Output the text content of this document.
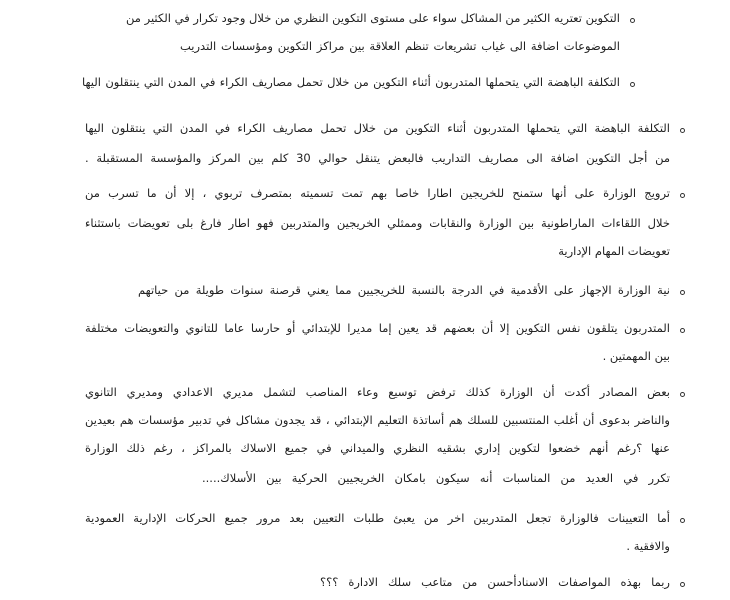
التكوين تعتريه الكثير من المشاكل سواء على مستوى التكوين النظري من خلال وجود تكرار في الكثير من
الموضوعات اضافة الى غياب تشريعات تنظم العلاقة بين مراكز التكوين ومؤسسات التدريب
التكلفة الباهضة التي يتحملها المتدربون أثناء التكوين من خلال تحمل مصاريف الكراء في المدن التي ينتقلون اليها
التكلفة الباهضة التي يتحملها المتدربون أثناء التكوين من خلال تحمل مصاريف الكراء في المدن التي ينتقلون اليها
من أجل التكوين اضافة الى مصاريف التداريب فالبعض يتنقل حوالي 30 كلم بين المركز والمؤسسة المستقبلة .
ترويج الوزارة على أنها ستمنح للخريجين اطارا خاصا بهم تمت تسميته بمتصرف تربوي ، إلا أن ما تسرب من
خلال اللقاءات الماراطونية بين الوزارة والنقابات وممثلي الخريجين والمتدربين فهو اطار فارغ بلى تعويضات باستثناء
تعويضات المهام الإدارية
نية الوزارة الإجهاز على الأقدمية في الدرجة بالنسبة للخريجيين مما يعني قرصنة سنوات طويلة من حياتهم
المتدربون يتلقون نفس التكوين إلا أن بعضهم قد يعين إما مديرا للإبتدائي أو حارسا عاما للتانوي والتعويضات مختلفة
بين المهمتين .
بعض المصادر أكدت أن الوزارة كذلك ترفض توسيع وعاء المناصب لتشمل مديري الاعدادي ومديري التانوي
والناضر بدعوى أن أغلب المنتسبين للسلك هم أساتذة التعليم الإبتدائي ، قد يجدون مشاكل في تدبير مؤسسات هم بعيدين
عنها ؟رغم أنهم خضعوا لتكوين إداري بشقيه النظري والميداني في جميع الاسلاك بالمراكز ، رغم ذلك الوزارة
تكرر في العديد من المناسبات أنه سيكون بامكان الخريجيين الحركية بين الأسلاك.....
أما التعيينات فالوزارة تجعل المتدربين اخر من يعبئ طلبات التعيين بعد مرور جميع الحركات الإدارية العمودية
والافقية .
ربما بهذه المواصفات الاسنادأحسن من متاعب سلك الادارة ؟؟؟
